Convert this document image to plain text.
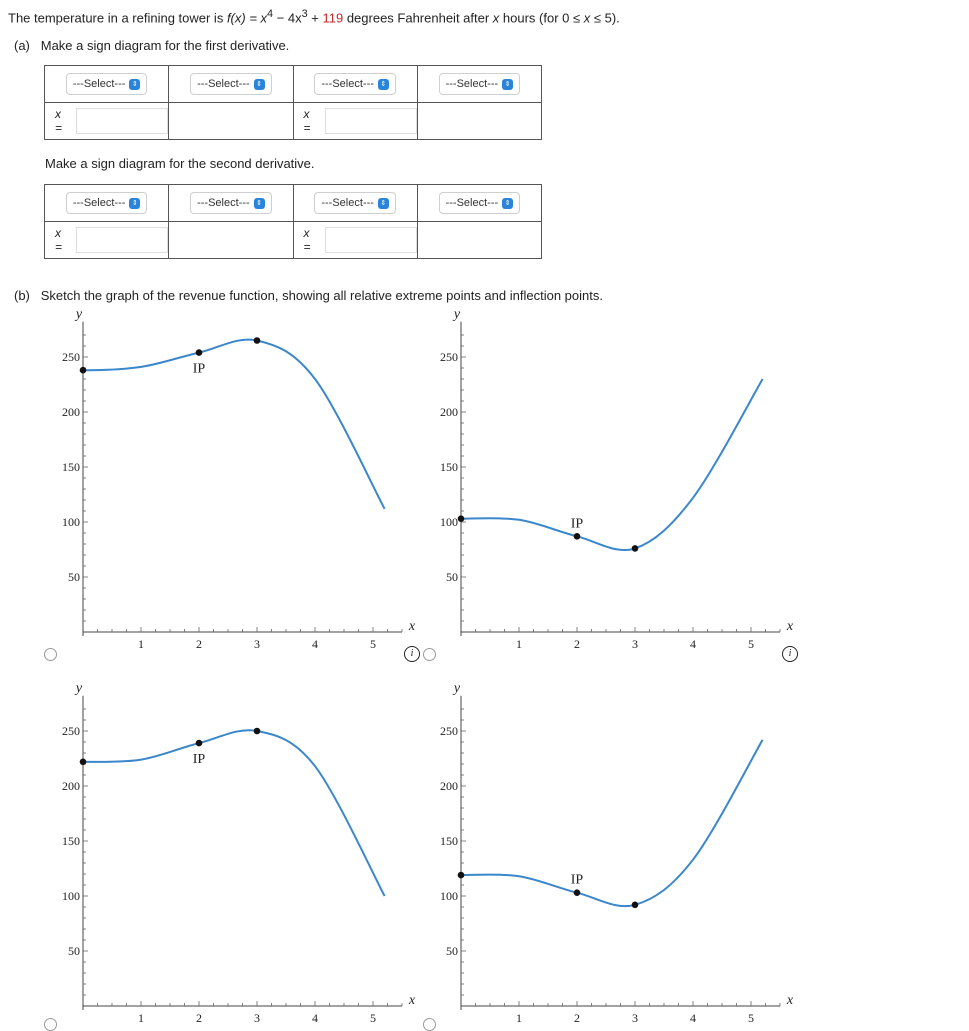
The temperature in a refining tower is $f(x) = x^4 - 4x^3 + 119$ degrees Fahrenheit after x hours (for 0 ≤ x ≤ 5).
(a) Make a sign diagram for the first derivative.
---Select--- ⇕	---Select--- ⇕	---Select--- ⇕	---Select--- ⇕

x =		x =	

Make a sign diagram for the second derivative.
---Select--- ⇕	---Select--- ⇕	---Select--- ⇕	---Select--- ⇕

x =		x =	

(b) Sketch the graph of the revenue function, showing all relative extreme points and inflection points.
1	2	3	4	5
50
100
150
200
250
y
x
IP
1	2	3	4	5
50
100
150
200
250
y
x
IP
1	2	3	4	5
50
100
150
200
250
y
x
IP
1	2	3	4	5
50
100
150
200
250
y
x
IP
i	i
